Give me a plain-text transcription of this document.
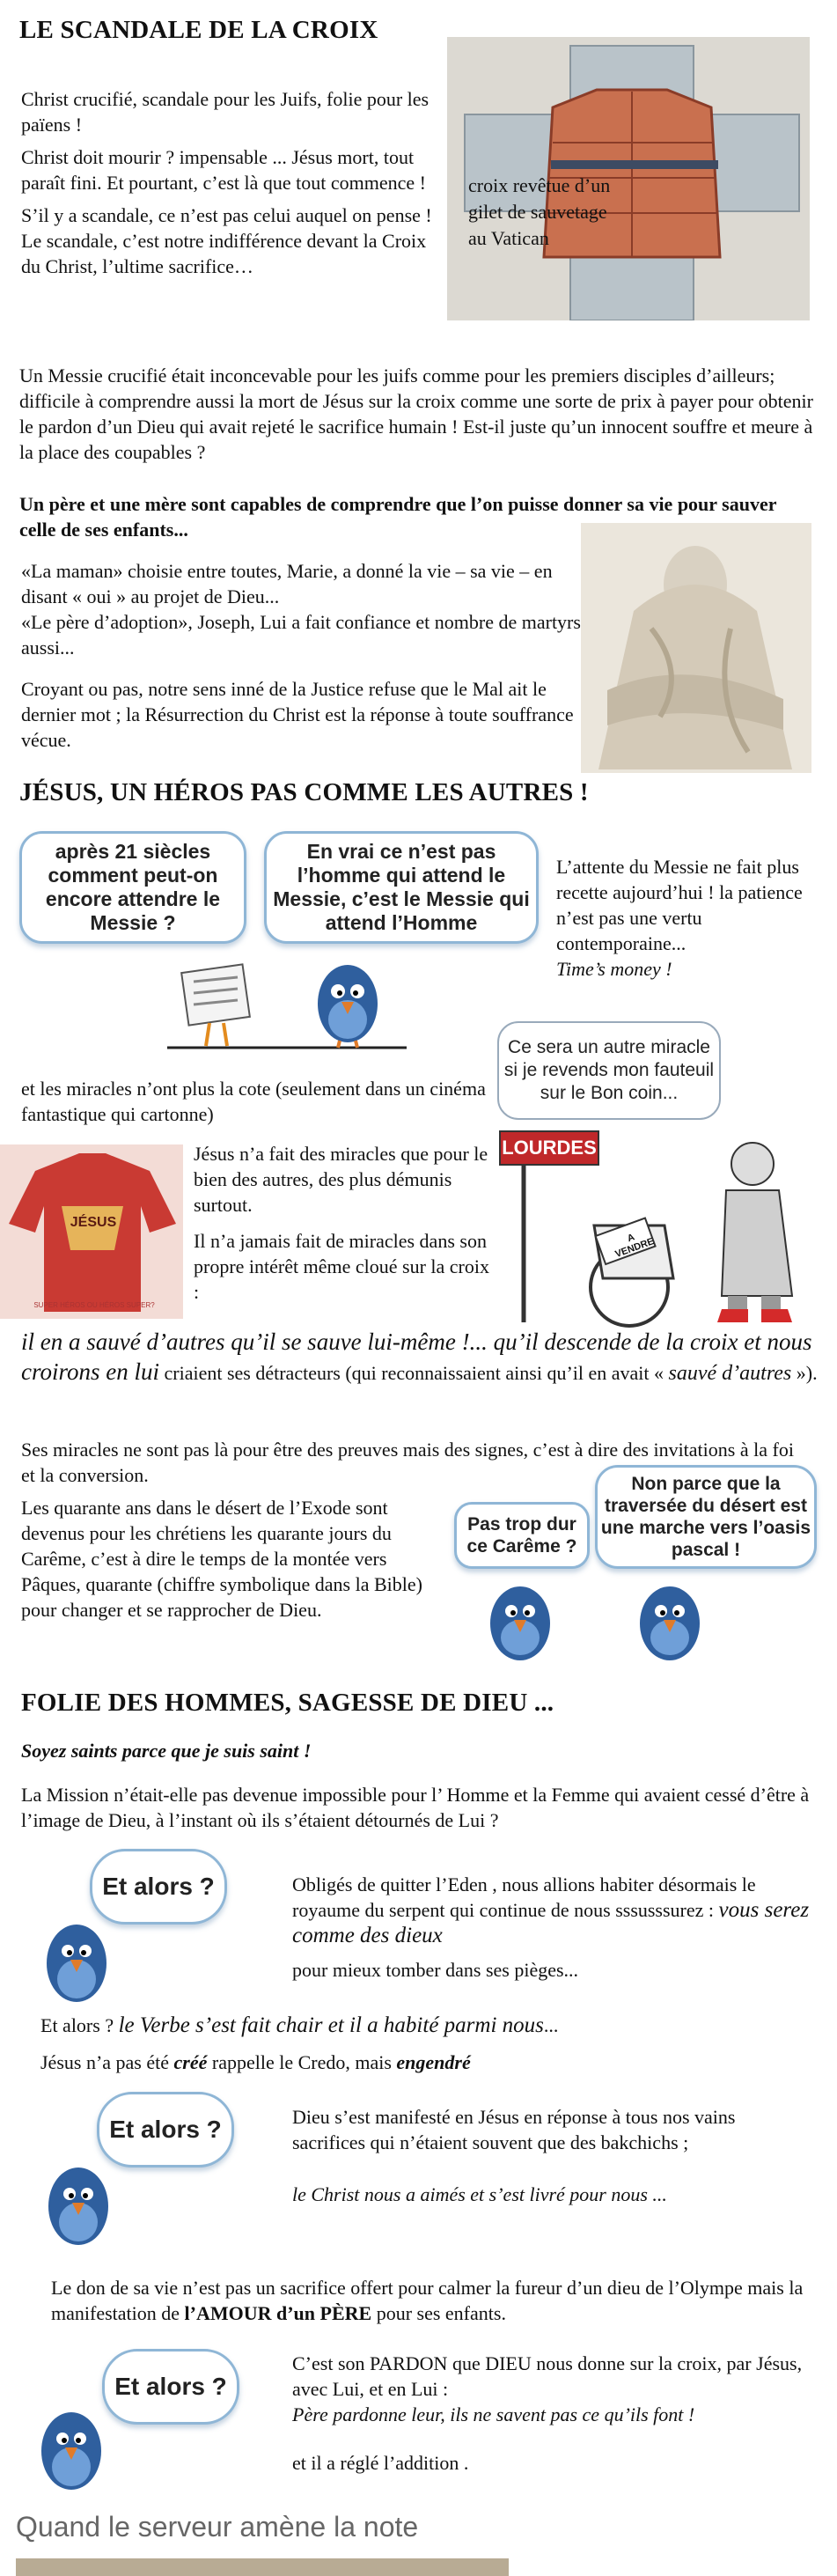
LE SCANDALE DE LA CROIX

Christ crucifié, scandale pour les Juifs, folie pour les païens !

Christ doit mourir ? impensable ... Jésus mort, tout paraît fini. Et pourtant, c’est là que tout commence !

S’il y a scandale, ce n’est pas celui auquel on pense ! Le scandale, c’est notre indifférence devant la Croix du Christ, l’ultime sacrifice…

croix revêtue d’un gilet de sauvetage au Vatican

Un Messie crucifié était inconcevable pour les juifs comme pour les premiers disciples d’ailleurs; difficile à comprendre aussi la mort de Jésus sur la croix comme une sorte de prix à payer pour obtenir le pardon d’un Dieu qui avait rejeté le sacrifice humain ! Est-il juste qu’un innocent souffre et meure à la place des coupables ?

Un père et une mère sont capables de comprendre que l’on puisse donner sa vie pour sauver celle de ses enfants...

«La maman» choisie entre toutes, Marie, a donné la vie – sa vie – en disant « oui » au projet de Dieu...

«Le père d’adoption», Joseph, Lui a fait confiance et nombre de martyrs aussi...

Croyant ou pas, notre sens inné de la Justice refuse que le Mal ait le dernier mot ; la Résurrection du Christ est la réponse à toute souffrance vécue.

JÉSUS, UN HÉROS PAS COMME LES AUTRES !
après 21 siècles comment peut-on encore attendre le Messie ?
En vrai ce n’est pas l’homme qui attend le Messie, c’est le Messie qui attend l’Homme

L’attente du Messie ne fait plus recette aujourd’hui ! la patience n’est pas une vertu contemporaine...

Time’s money !

Ce sera un autre miracle si je revends mon fauteuil sur le Bon coin...

et les miracles n’ont plus la cote (seulement dans un cinéma fantastique qui cartonne)

LOURDES
A VENDRE
JÉSUS
SUPER HÉROS OU HÉROS SUPER?

Jésus n’a fait des miracles que pour le bien des autres, des plus démunis surtout.

Il n’a jamais fait de miracles dans son propre intérêt même cloué sur la croix :

il en a sauvé d’autres qu’il se sauve lui-même !... qu’il descende de la croix et nous croirons en lui criaient ses détracteurs (qui reconnaissaient ainsi qu’il en avait « sauvé d’autres »).

Ses miracles ne sont pas là pour être des preuves mais des signes, c’est à dire des invitations à la foi et la conversion.

Les quarante ans dans le désert de l’Exode sont devenus pour les chrétiens les quarante jours du Carême, c’est à dire le temps de la montée vers Pâques, quarante (chiffre symbolique dans la Bible) pour changer et se rapprocher de Dieu.

Pas trop dur ce Carême ?
Non parce que la traversée du désert est une marche vers l’oasis pascal !
FOLIE DES HOMMES, SAGESSE DE DIEU ...
Soyez saints parce que je suis saint !

La Mission n’était-elle pas devenue impossible pour l’ Homme et la Femme qui avaient cessé d’être à l’image de Dieu, à l’instant où ils s’étaient détournés de Lui ?

Et alors ?	Obligés de quitter l’Eden , nous allions habiter désormais le royaume du serpent qui continue de nous sssusssurez : vous serez comme des dieux

pour mieux tomber dans ses pièges...

Et alors ? le Verbe s’est fait chair et il a habité parmi nous...

Jésus n’a pas été créé rappelle le Credo, mais engendré

Et alors ?	Dieu s’est manifesté en Jésus en réponse à tous nos vains sacrifices qui n’étaient souvent que des bakchichs ;

le Christ nous a aimés et s’est livré pour nous ...

Le don de sa vie n’est pas un sacrifice offert pour calmer la fureur d’un dieu de l’Olympe mais la manifestation de l’AMOUR d’un PÈRE pour ses enfants.

Et alors ?

C’est son PARDON que DIEU nous donne sur la croix, par Jésus, avec Lui, et en Lui :

Père pardonne leur, ils ne savent pas ce qu’ils font !

et il a réglé l’addition .

Quand le serveur amène la note
